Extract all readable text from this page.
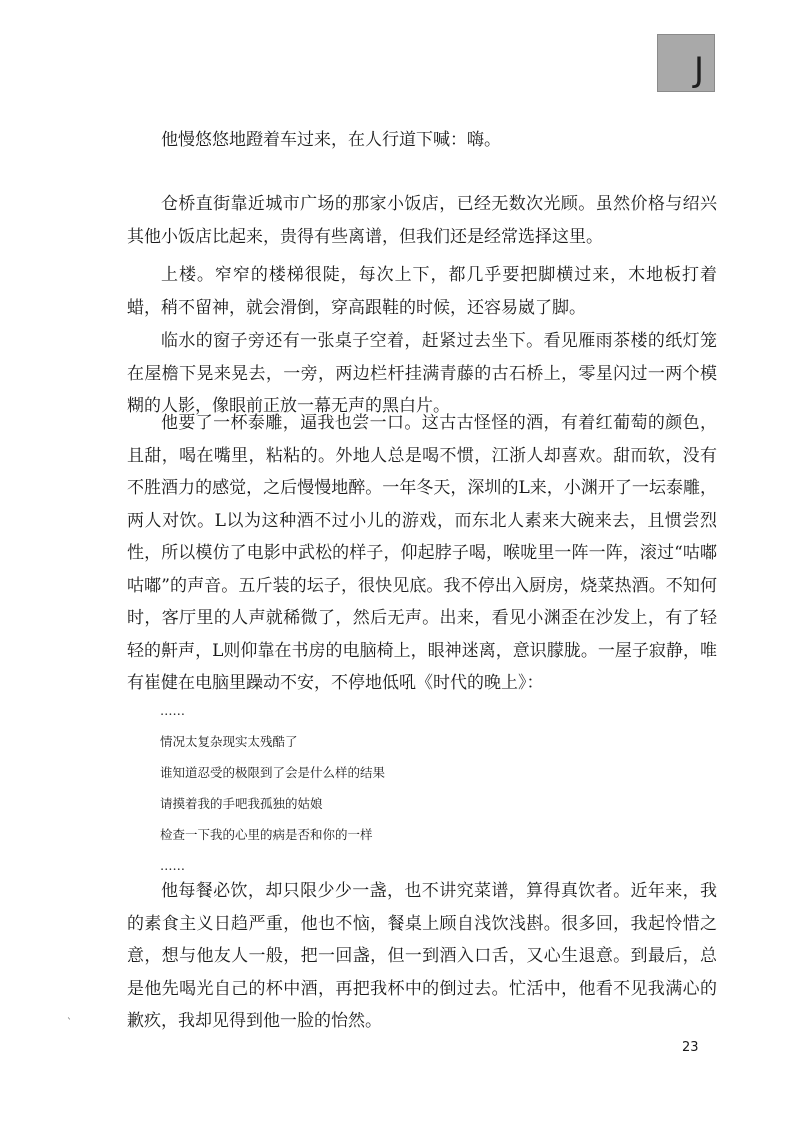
J

他慢悠悠地蹬着车过来，在人行道下喊：嗨。

仓桥直街靠近城市广场的那家小饭店，已经无数次光顾。虽然价格与绍兴其他小饭店比起来，贵得有些离谱，但我们还是经常选择这里。

上楼。窄窄的楼梯很陡，每次上下，都几乎要把脚横过来，木地板打着蜡，稍不留神，就会滑倒，穿高跟鞋的时候，还容易崴了脚。

临水的窗子旁还有一张桌子空着，赶紧过去坐下。看见雁雨茶楼的纸灯笼在屋檐下晃来晃去，一旁，两边栏杆挂满青藤的古石桥上，零星闪过一两个模糊的人影，像眼前正放一幕无声的黑白片。

他要了一杯泰雕，逼我也尝一口。这古古怪怪的酒，有着红葡萄的颜色，且甜，喝在嘴里，粘粘的。外地人总是喝不惯，江浙人却喜欢。甜而软，没有不胜酒力的感觉，之后慢慢地醉。一年冬天，深圳的L来，小渊开了一坛泰雕，两人对饮。L以为这种酒不过小儿的游戏，而东北人素来大碗来去，且惯尝烈性，所以模仿了电影中武松的样子，仰起脖子喝，喉咙里一阵一阵，滚过“咕嘟咕嘟”的声音。五斤装的坛子，很快见底。我不停出入厨房，烧菜热酒。不知何时，客厅里的人声就稀微了，然后无声。出来，看见小渊歪在沙发上，有了轻轻的鼾声，L则仰靠在书房的电脑椅上，眼神迷离，意识朦胧。一屋子寂静，唯有崔健在电脑里躁动不安，不停地低吼《时代的晚上》：

……
情况太复杂现实太残酷了
谁知道忍受的极限到了会是什么样的结果
请摸着我的手吧我孤独的姑娘
检查一下我的心里的病是否和你的一样
……

他每餐必饮，却只限少少一盏，也不讲究菜谱，算得真饮者。近年来，我的素食主义日趋严重，他也不恼，餐桌上顾自浅饮浅斟。很多回，我起怜惜之意，想与他友人一般，把一回盏，但一到酒入口舌，又心生退意。到最后，总是他先喝光自己的杯中酒，再把我杯中的倒过去。忙活中，他看不见我满心的歉疚，我却见得到他一脸的怡然。

`
23
